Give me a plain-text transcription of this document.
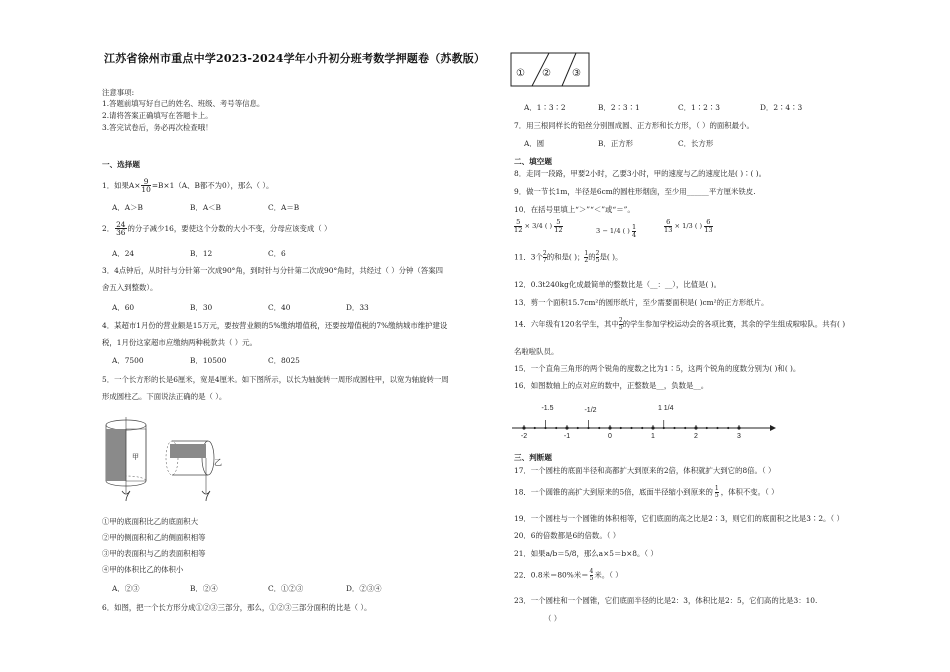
江苏省徐州市重点中学2023-2024学年小升初分班考数学押题卷（苏教版）
注意事项:
1.答题前填写好自己的姓名、班级、考号等信息。
2.请将答案正确填写在答题卡上。
3.答完试卷后，务必再次检查哦！
一、选择题
1．如果$A\times \frac{9}{10} =B\times 1(A$、B都不为0），那么（ ）。
A．A＞B	B．A＜B	C．A＝B
2． $\frac{24}{36}$ 的分子减少16，要使这个分数的大小不变，分母应该变成（ ）
A．24	B．12	C．6
3．4点钟后，从时针与分针第一次成90°角，到时针与分针第二次成90°角时，共经过（ ）分钟（答案四
舍五入到整数）。
A．60	B．30	C．40	D．33
4．某超市1月份的营业额是15万元，要按营业额的5%缴纳增值税，还要按增值税的7%缴纳城市维护建设
税，1月份这家超市应缴纳两种税款共（ ）元。
A．7500	B．10500	C．8025
5．一个长方形的长是6厘米，宽是4厘米。如下图所示，以长为轴旋转一周形成圆柱甲，以宽为轴旋转一周
形成圆柱乙。下面说法正确的是（ ）。
甲
乙
①甲的底面积比乙的底面积大
②甲的侧面积和乙的侧面积相等
③甲的表面积与乙的表面积相等
④甲的体积比乙的体积小
A．②③	B．②④	C．①②③	D．②③④
6．如图，把一个长方形分成①②③三部分，那么，①②③三部分面积的比是（ ）。
① ② ③
A．1∶3∶2	B．2∶3∶1	C．1∶2∶3	D．2∶4∶3
7．用三根同样长的铅丝分别围成圆、正方形和长方形，（ ）的面积最小。
A．圆	B．正方形	C．长方形
二、填空题
8．走同一段路，甲要2小时，乙要3小时，甲的速度与乙的速度比是( )∶( )。
9．做一节长1m，半径是6cm的圆柱形烟囱，至少用______平方厘米铁皮.
10．在括号里填上“＞”“＜”或“＝”。
$\frac{5}{12} \times 3/4$ ( ) $\frac{5}{12}$	3 − 1/4 ( ) $\frac{1}{4}$	$\frac{6}{13} \times 1/3$ ( ) $\frac{6}{13}$
11．3个 $\frac{2}{7}$ 的和是( )； $\frac{1}{2}$ 的 $\frac{2}{5}$ 是( )。
12．0.3t240kg化成最简单的整数比是（__：__），比值是( )。
13．剪一个面积15.7cm²的圆形纸片，至少需要面积是( )cm²的正方形纸片。
14．六年级有120名学生，其中 $\frac{2}{5}$ 的学生参加学校运动会的各项比赛，其余的学生组成啦啦队。共有( )
名啦啦队员。
15．一个直角三角形的两个锐角的度数之比为1∶5，这两个锐角的度数分别为( )和( )。
16．如图数轴上的点对应的数中，正整数是__，负数是__。
-2	-1	0	1	2	3
-1.5	-1/2	1 1/4
三、判断题
17．一个圆柱的底面半径和高都扩大到原来的2倍，体积就扩大到它的8倍。（ ）
18．一个圆锥的高扩大到原来的5倍，底面半径缩小到原来的 $\frac{1}{5}$ ，体积不变。（ ）
19．一个圆柱与一个圆锥的体积相等，它们底面的高之比是2∶3，则它们的底面积之比是3∶2。（ ）
20．6的倍数都是6的倍数。（ ）
21．如果a/b＝5/8，那么a×5＝b×8。（ ）
22．0.8米＝80%米＝ $\frac{4}{5}$ 米。（ ）
23．一个圆柱和一个圆锥，它们底面半径的比是2：3，体积比是2：5，它们高的比是3：10.
（ ）
